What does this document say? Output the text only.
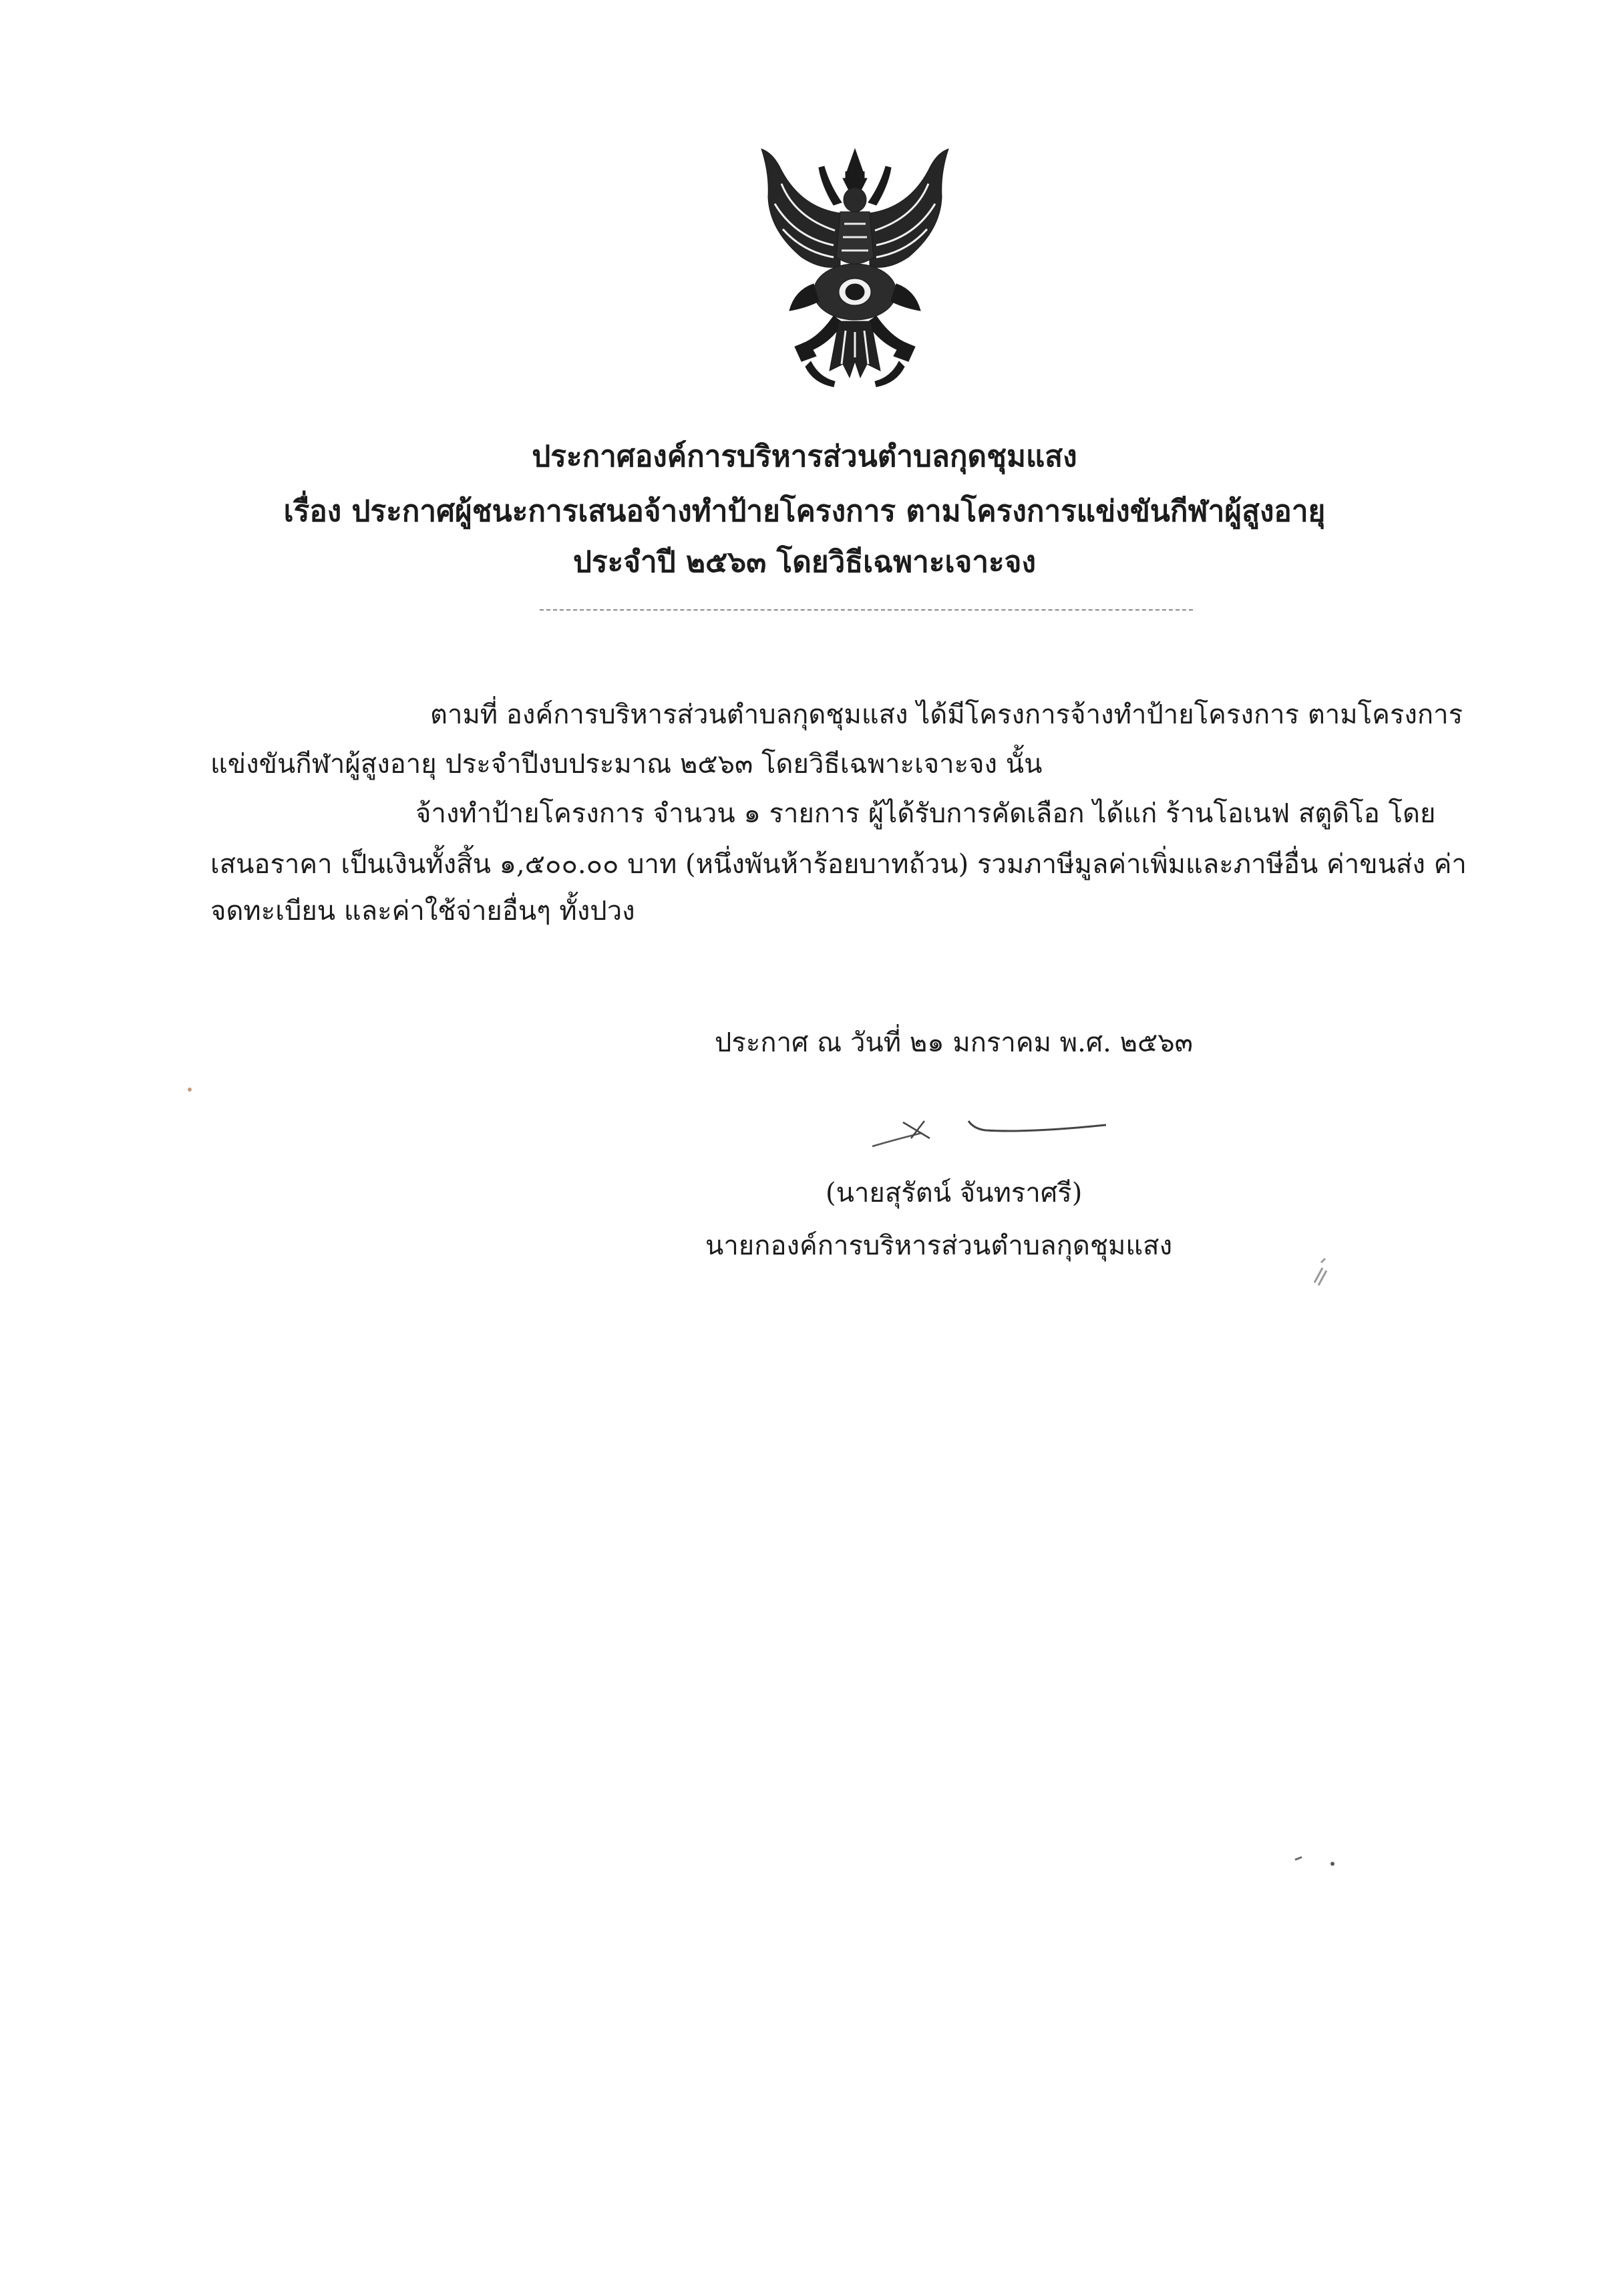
ประกาศองค์การบริหารส่วนตำบลกุดชุมแสง
เรื่อง ประกาศผู้ชนะการเสนอจ้างทำป้ายโครงการ ตามโครงการแข่งขันกีฬาผู้สูงอายุ
ประจำปี ๒๕๖๓ โดยวิธีเฉพาะเจาะจง
ตามที่ องค์การบริหารส่วนตำบลกุดชุมแสง ได้มีโครงการจ้างทำป้ายโครงการ ตามโครงการ
แข่งขันกีฬาผู้สูงอายุ ประจำปีงบประมาณ ๒๕๖๓ โดยวิธีเฉพาะเจาะจง นั้น
จ้างทำป้ายโครงการ จำนวน ๑ รายการ ผู้ได้รับการคัดเลือก ได้แก่ ร้านโอเนฟ สตูดิโอ โดย
เสนอราคา เป็นเงินทั้งสิ้น ๑,๕๐๐.๐๐ บาท (หนึ่งพันห้าร้อยบาทถ้วน) รวมภาษีมูลค่าเพิ่มและภาษีอื่น ค่าขนส่ง ค่า
จดทะเบียน และค่าใช้จ่ายอื่นๆ ทั้งปวง
ประกาศ ณ วันที่ ๒๑ มกราคม พ.ศ. ๒๕๖๓
(นายสุรัตน์ จันทราศรี)
นายกองค์การบริหารส่วนตำบลกุดชุมแสง
